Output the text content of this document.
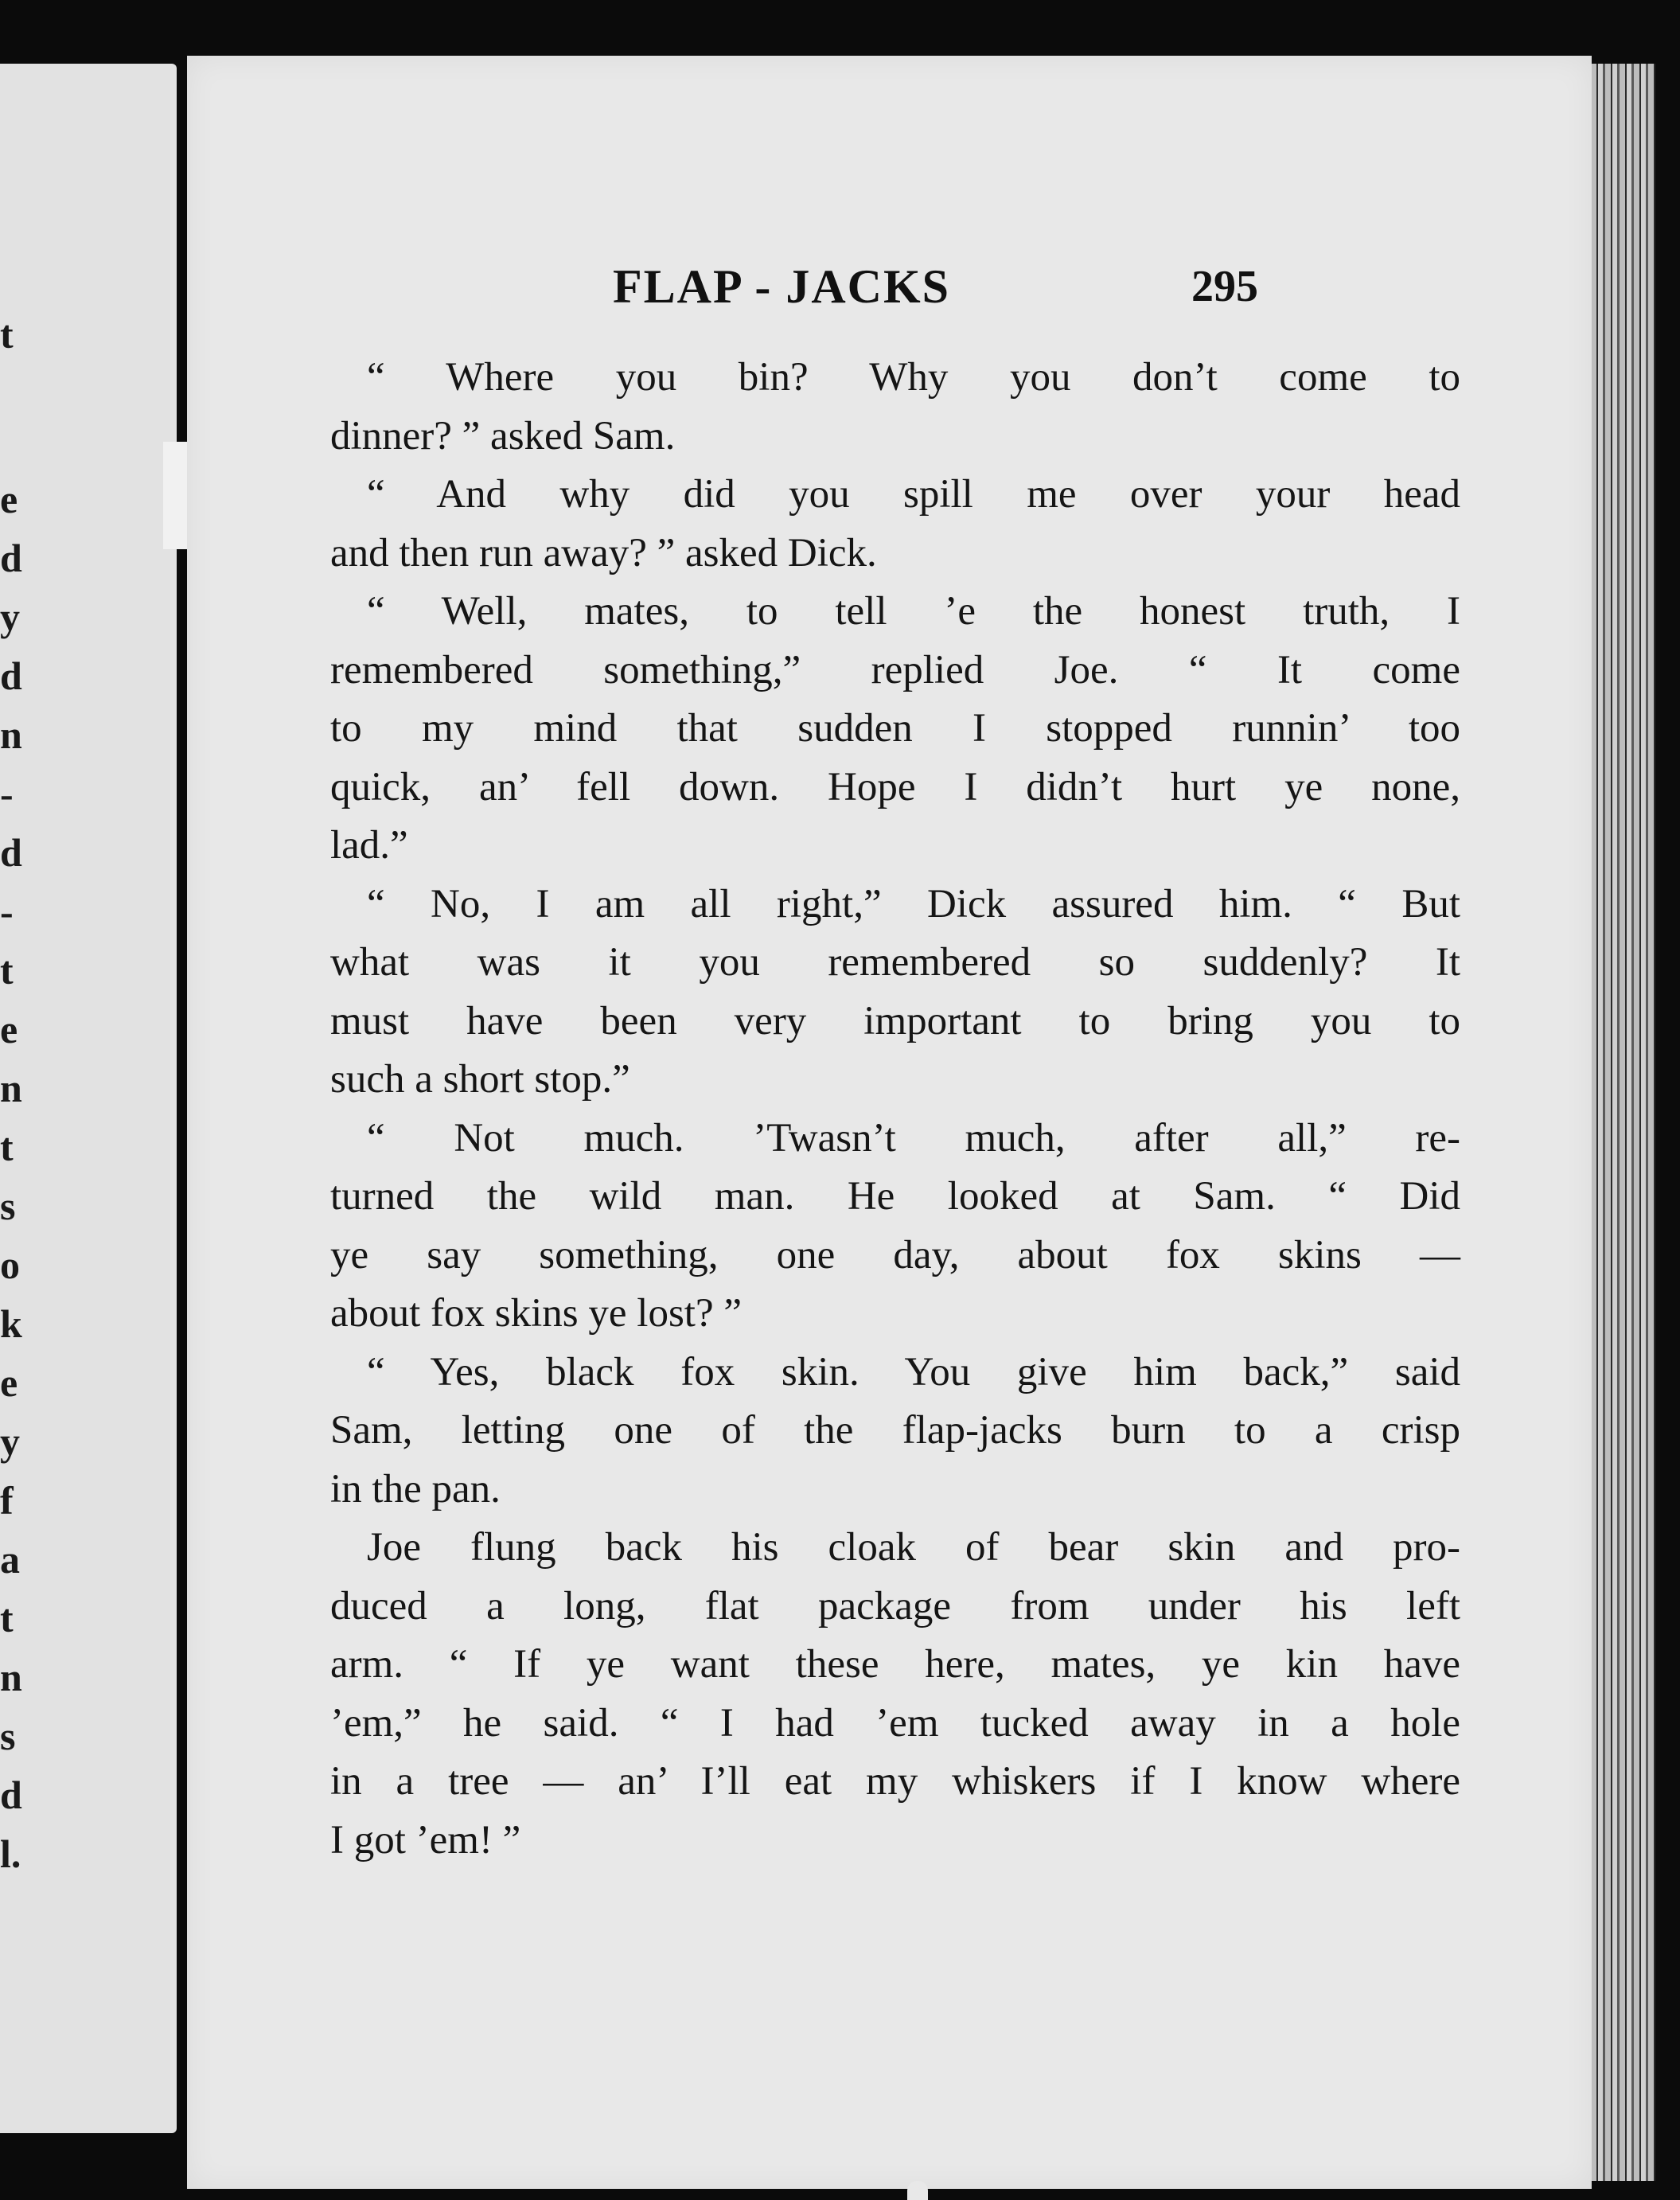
t
e
d
y
d
n
-
d
-
t
e
n
t
s
o
k
e
y
f
a
t
n
s
d
l.
FLAP - JACKS	295
“ Where you bin? Why you don’t come to
dinner? ” asked Sam.
“ And why did you spill me over your head
and then run away? ” asked Dick.
“ Well, mates, to tell ’e the honest truth, I
remembered something,” replied Joe. “ It come
to my mind that sudden I stopped runnin’ too
quick, an’ fell down. Hope I didn’t hurt ye none,
lad.”
“ No, I am all right,” Dick assured him. “ But
what was it you remembered so suddenly? It
must have been very important to bring you to
such a short stop.”
“ Not much. ’Twasn’t much, after all,” re-
turned the wild man. He looked at Sam. “ Did
ye say something, one day, about fox skins —
about fox skins ye lost? ”
“ Yes, black fox skin. You give him back,” said
Sam, letting one of the flap-jacks burn to a crisp
in the pan.
Joe flung back his cloak of bear skin and pro-
duced a long, flat package from under his left
arm. “ If ye want these here, mates, ye kin have
’em,” he said. “ I had ’em tucked away in a hole
in a tree — an’ I’ll eat my whiskers if I know where
I got ’em! ”
